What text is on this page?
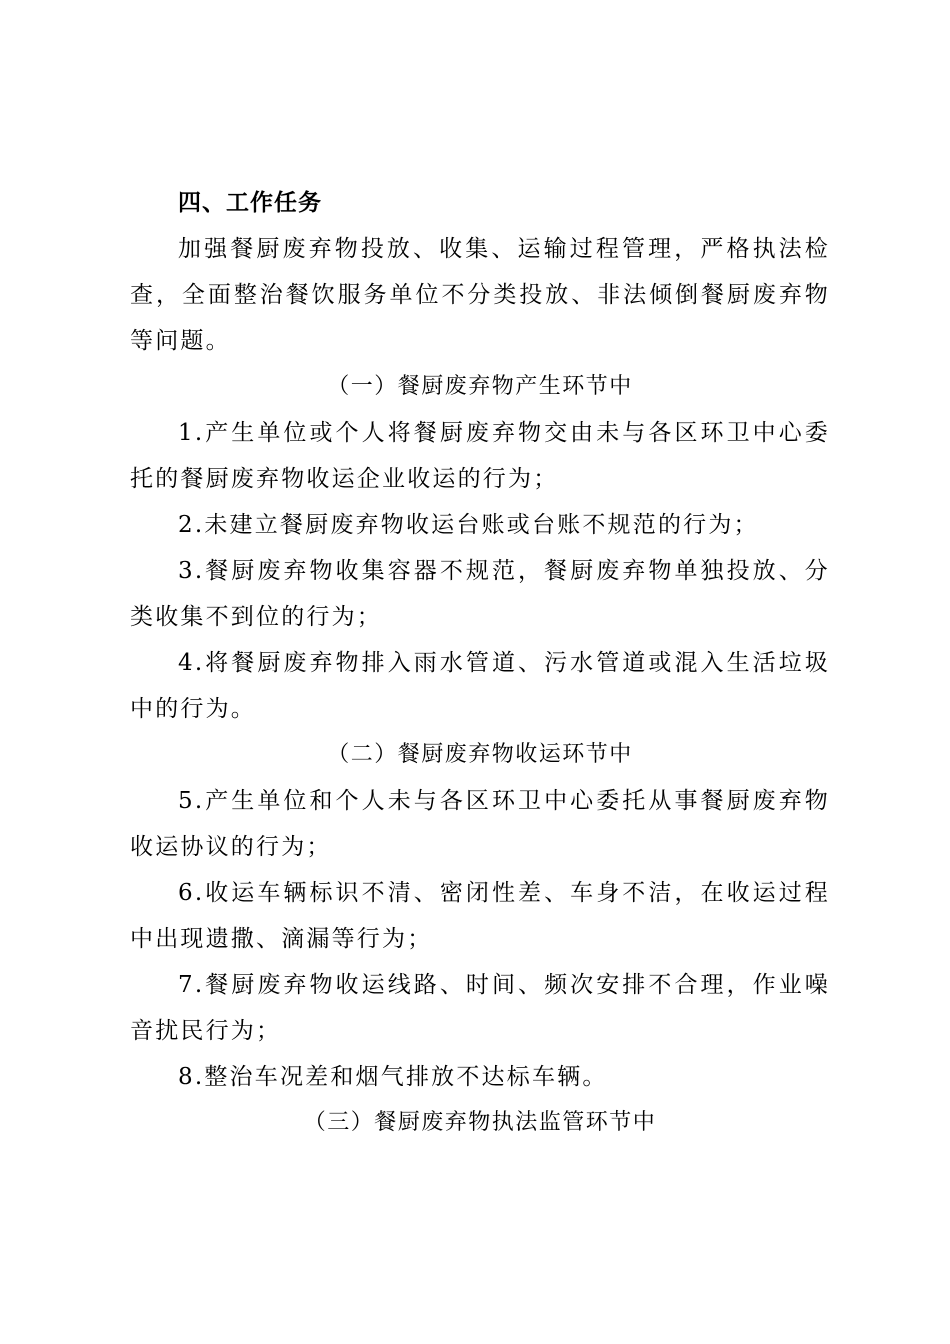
四、工作任务
加强餐厨废弃物投放、收集、运输过程管理，严格执法检
查，全面整治餐饮服务单位不分类投放、非法倾倒餐厨废弃物
等问题。
（一）餐厨废弃物产生环节中
1.产生单位或个人将餐厨废弃物交由未与各区环卫中心委
托的餐厨废弃物收运企业收运的行为；
2.未建立餐厨废弃物收运台账或台账不规范的行为；
3.餐厨废弃物收集容器不规范，餐厨废弃物单独投放、分
类收集不到位的行为；
4.将餐厨废弃物排入雨水管道、污水管道或混入生活垃圾
中的行为。
（二）餐厨废弃物收运环节中
5.产生单位和个人未与各区环卫中心委托从事餐厨废弃物
收运协议的行为；
6.收运车辆标识不清、密闭性差、车身不洁，在收运过程
中出现遗撒、滴漏等行为；
7.餐厨废弃物收运线路、时间、频次安排不合理，作业噪
音扰民行为；
8.整治车况差和烟气排放不达标车辆。
（三）餐厨废弃物执法监管环节中
